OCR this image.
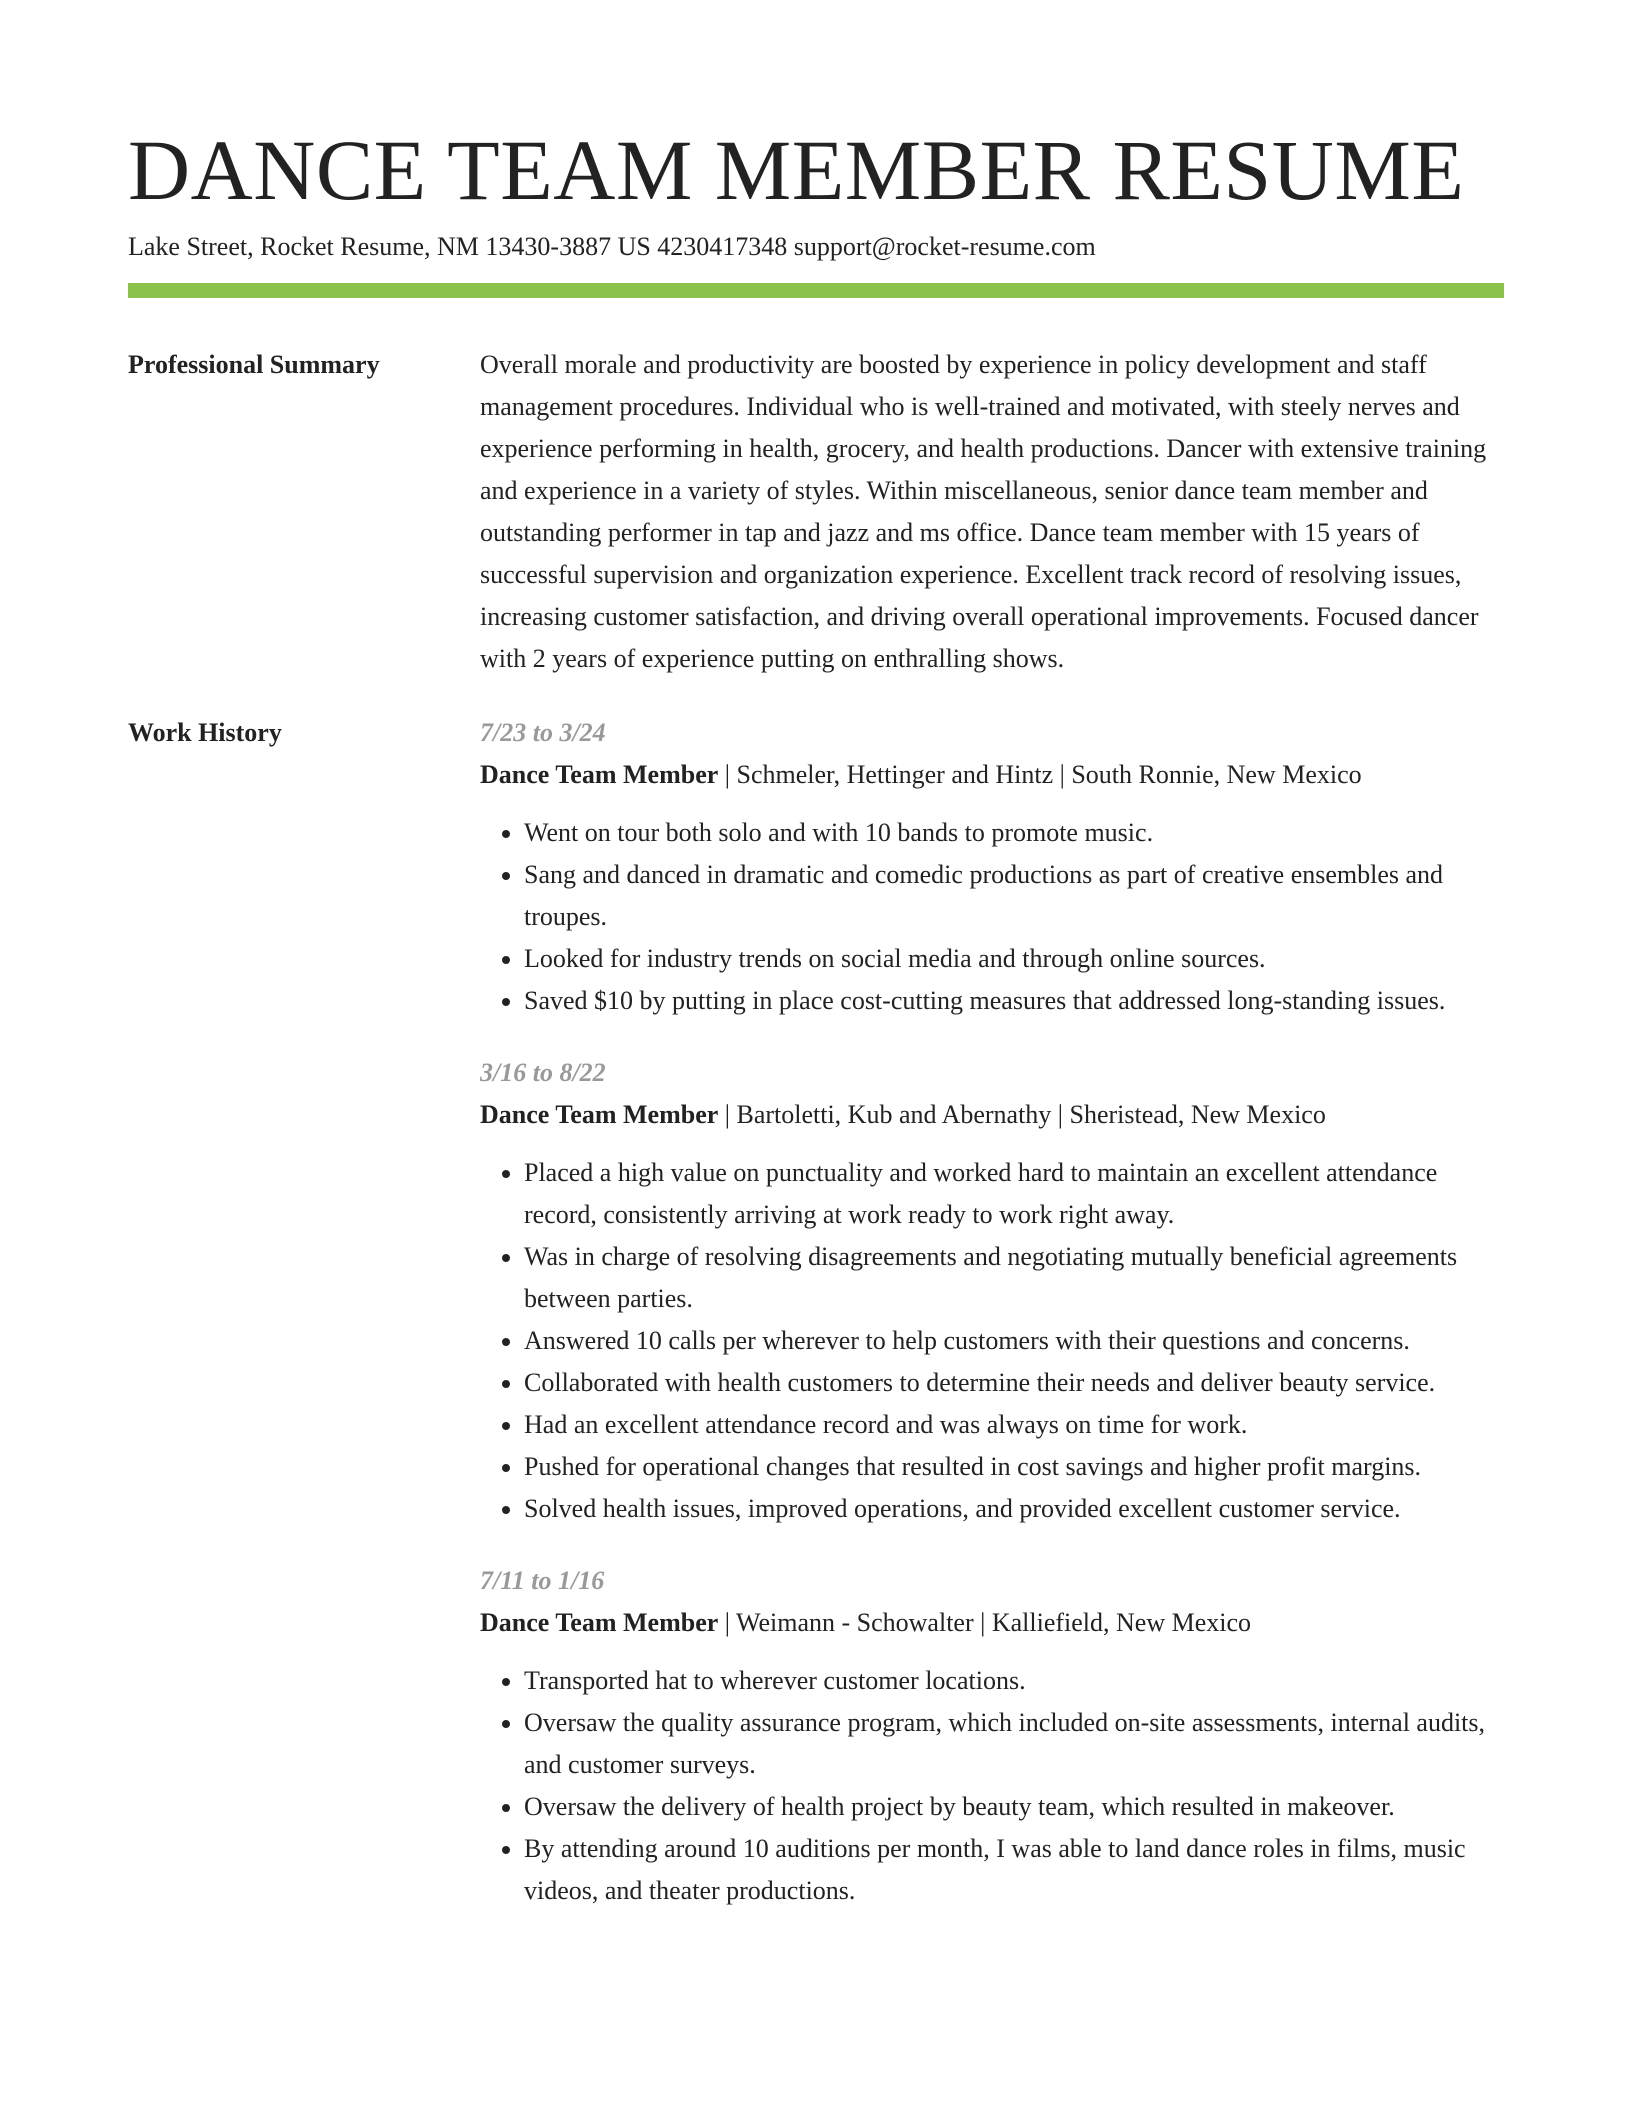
DANCE TEAM MEMBER RESUME
Lake Street, Rocket Resume, NM 13430-3887 US 4230417348 support@rocket-resume.com
Professional Summary	Overall morale and productivity are boosted by experience in policy development and staff management procedures. Individual who is well-trained and motivated, with steely nerves and experience performing in health, grocery, and health productions. Dancer with extensive training and experience in a variety of styles. Within miscellaneous, senior dance team member and outstanding performer in tap and jazz and ms office. Dance team member with 15 years of successful supervision and organization experience. Excellent track record of resolving issues, increasing customer satisfaction, and driving overall operational improvements. Focused dancer with 2 years of experience putting on enthralling shows.
Work History	7/23 to 3/24
Dance Team Member | Schmeler, Hettinger and Hintz | South Ronnie, New Mexico
• Went on tour both solo and with 10 bands to promote music.
• Sang and danced in dramatic and comedic productions as part of creative ensembles and troupes.
• Looked for industry trends on social media and through online sources.
• Saved $10 by putting in place cost-cutting measures that addressed long-standing issues.
3/16 to 8/22
Dance Team Member | Bartoletti, Kub and Abernathy | Sheristead, New Mexico
• Placed a high value on punctuality and worked hard to maintain an excellent attendance record, consistently arriving at work ready to work right away.
• Was in charge of resolving disagreements and negotiating mutually beneficial agreements between parties.
• Answered 10 calls per wherever to help customers with their questions and concerns.
• Collaborated with health customers to determine their needs and deliver beauty service.
• Had an excellent attendance record and was always on time for work.
• Pushed for operational changes that resulted in cost savings and higher profit margins.
• Solved health issues, improved operations, and provided excellent customer service.
7/11 to 1/16
Dance Team Member | Weimann - Schowalter | Kalliefield, New Mexico
• Transported hat to wherever customer locations.
• Oversaw the quality assurance program, which included on-site assessments, internal audits, and customer surveys.
• Oversaw the delivery of health project by beauty team, which resulted in makeover.
• By attending around 10 auditions per month, I was able to land dance roles in films, music videos, and theater productions.
